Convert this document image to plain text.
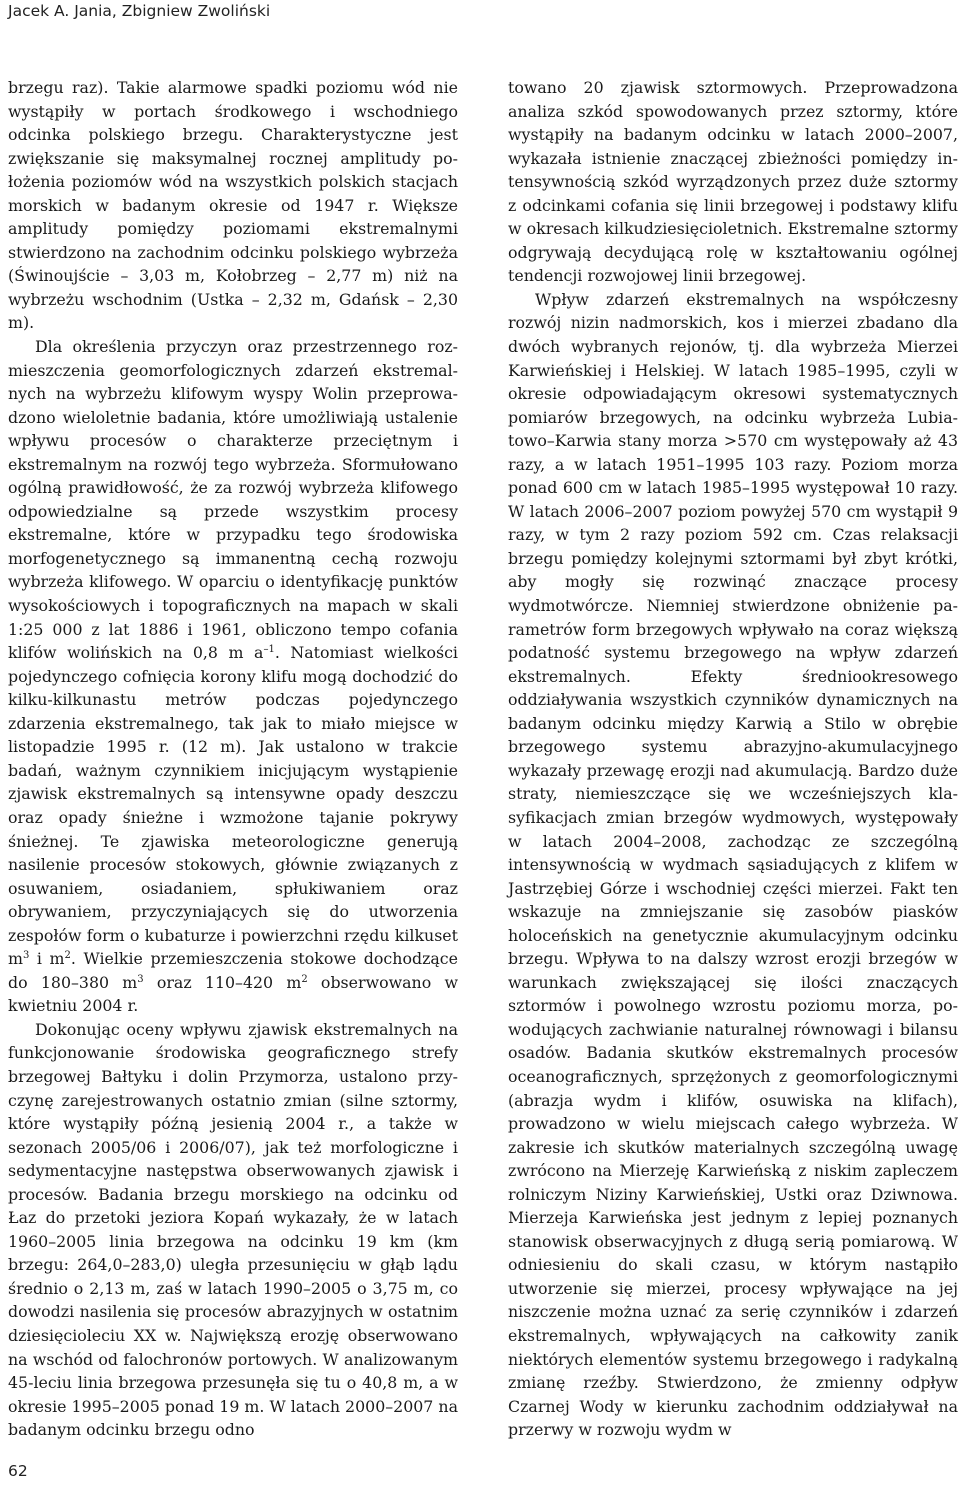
Jacek A. Jania, Zbigniew Zwoliński

brzegu raz). Takie alarmowe spadki poziomu wód nie wystąpiły w portach środkowego i wschodniego odcinka polskiego brzegu. Charakterystyczne jest zwiększanie się maksymalnej rocznej amplitudy położenia poziomów wód na wszystkich polskich stacjach morskich w badanym okresie od 1947 r. Większe amplitudy pomiędzy poziomami ekstremalnymi stwierdzono na zachodnim odcinku polskiego wybrzeża (Świnoujście – 3,03 m, Kołobrzeg – 2,77 m) niż na wybrzeżu wschodnim (Ustka – 2,32 m, Gdańsk – 2,30 m).

Dla określenia przyczyn oraz przestrzennego rozmieszczenia geomorfologicznych zdarzeń ekstremalnych na wybrzeżu klifowym wyspy Wolin przeprowadzono wieloletnie badania, które umożliwiają ustalenie wpływu procesów o charakterze przeciętnym i ekstremalnym na rozwój tego wybrzeża. Sformułowano ogólną prawidłowość, że za rozwój wybrzeża klifowego odpowiedzialne są przede wszystkim procesy ekstremalne, które w przypadku tego środowiska morfogenetycznego są immanentną cechą rozwoju wybrzeża klifowego. W oparciu o identyfikację punktów wysokościowych i topograficznych na mapach w skali 1:25 000 z lat 1886 i 1961, obliczono tempo cofania klifów wolińskich na 0,8 m $a^{-1}$. Natomiast wielkości pojedynczego cofnięcia korony klifu mogą dochodzić do kilku-kilkunastu metrów podczas pojedynczego zdarzenia ekstremalnego, tak jak to miało miejsce w listopadzie 1995 r. (12 m). Jak ustalono w trakcie badań, ważnym czynnikiem inicjującym wystąpienie zjawisk ekstremalnych są intensywne opady deszczu oraz opady śnieżne i wzmożone tajanie pokrywy śnieżnej. Te zjawiska meteorologiczne generują nasilenie procesów stokowych, głównie związanych z osuwaniem, osiadaniem, spłukiwaniem oraz obrywaniem, przyczyniających się do utworzenia zespołów form o kubaturze i powierzchni rzędu kilkuset $m^3$ i $m^2$. Wielkie przemieszczenia stokowe dochodzące do 180–380 $m^3$ oraz 110–420 $m^2$ obserwowano w kwietniu 2004 r.

Dokonując oceny wpływu zjawisk ekstremalnych na funkcjonowanie środowiska geograficznego strefy brzegowej Bałtyku i dolin Przymorza, ustalono przyczynę zarejestrowanych ostatnio zmian (silne sztormy, które wystąpiły późną jesienią 2004 r., a także w sezonach 2005/06 i 2006/07), jak też morfologiczne i sedymentacyjne następstwa obserwowanych zjawisk i procesów. Badania brzegu morskiego na odcinku od Łaz do przetoki jeziora Kopań wykazały, że w latach 1960–2005 linia brzegowa na odcinku 19 km (km brzegu: 264,0–283,0) uległa przesunięciu w głąb lądu średnio o 2,13 m, zaś w latach 1990–2005 o 3,75 m, co dowodzi nasilenia się procesów abrazyjnych w ostatnim dziesięcioleciu XX w. Największą erozję obserwowano na wschód od falochronów portowych. W analizowanym 45-leciu linia brzegowa przesunęła się tu o 40,8 m, a w okresie 1995–2005 ponad 19 m. W latach 2000–2007 na badanym odcinku brzegu odno

towano 20 zjawisk sztormowych. Przeprowadzona analiza szkód spowodowanych przez sztormy, które wystąpiły na badanym odcinku w latach 2000–2007, wykazała istnienie znaczącej zbieżności pomiędzy intensywnością szkód wyrządzonych przez duże sztormy z odcinkami cofania się linii brzegowej i podstawy klifu w okresach kilkudziesięcioletnich. Ekstremalne sztormy odgrywają decydującą rolę w kształtowaniu ogólnej tendencji rozwojowej linii brzegowej.

Wpływ zdarzeń ekstremalnych na współczesny rozwój nizin nadmorskich, kos i mierzei zbadano dla dwóch wybranych rejonów, tj. dla wybrzeża Mierzei Karwieńskiej i Helskiej. W latach 1985–1995, czyli w okresie odpowiadającym okresowi systematycznych pomiarów brzegowych, na odcinku wybrzeża Lubiatowo–Karwia stany morza >570 cm występowały aż 43 razy, a w latach 1951–1995 103 razy. Poziom morza ponad 600 cm w latach 1985–1995 występował 10 razy. W latach 2006–2007 poziom powyżej 570 cm wystąpił 9 razy, w tym 2 razy poziom 592 cm. Czas relaksacji brzegu pomiędzy kolejnymi sztormami był zbyt krótki, aby mogły się rozwinąć znaczące procesy wydmotwórcze. Niemniej stwierdzone obniżenie parametrów form brzegowych wpływało na coraz większą podatność systemu brzegowego na wpływ zdarzeń ekstremalnych. Efekty średniookresowego oddziaływania wszystkich czynników dynamicznych na badanym odcinku między Karwią a Stilo w obrębie brzegowego systemu abrazyjno-akumulacyjnego wykazały przewagę erozji nad akumulacją. Bardzo duże straty, niemieszczące się we wcześniejszych klasyfikacjach zmian brzegów wydmowych, występowały w latach 2004–2008, zachodząc ze szczególną intensywnością w wydmach sąsiadujących z klifem w Jastrzębiej Górze i wschodniej części mierzei. Fakt ten wskazuje na zmniejszanie się zasobów piasków holoceńskich na genetycznie akumulacyjnym odcinku brzegu. Wpływa to na dalszy wzrost erozji brzegów w warunkach zwiększającej się ilości znaczących sztormów i powolnego wzrostu poziomu morza, powodujących zachwianie naturalnej równowagi i bilansu osadów. Badania skutków ekstremalnych procesów oceanograficznych, sprzężonych z geomorfologicznymi (abrazja wydm i klifów, osuwiska na klifach), prowadzono w wielu miejscach całego wybrzeża. W zakresie ich skutków materialnych szczególną uwagę zwrócono na Mierzeję Karwieńską z niskim zapleczem rolniczym Niziny Karwieńskiej, Ustki oraz Dziwnowa. Mierzeja Karwieńska jest jednym z lepiej poznanych stanowisk obserwacyjnych z długą serią pomiarową. W odniesieniu do skali czasu, w którym nastąpiło utworzenie się mierzei, procesy wpływające na jej niszczenie można uznać za serię czynników i zdarzeń ekstremalnych, wpływających na całkowity zanik niektórych elementów systemu brzegowego i radykalną zmianę rzeźby. Stwierdzono, że zmienny odpływ Czarnej Wody w kierunku zachodnim oddziaływał na przerwy w rozwoju wydm w

62
